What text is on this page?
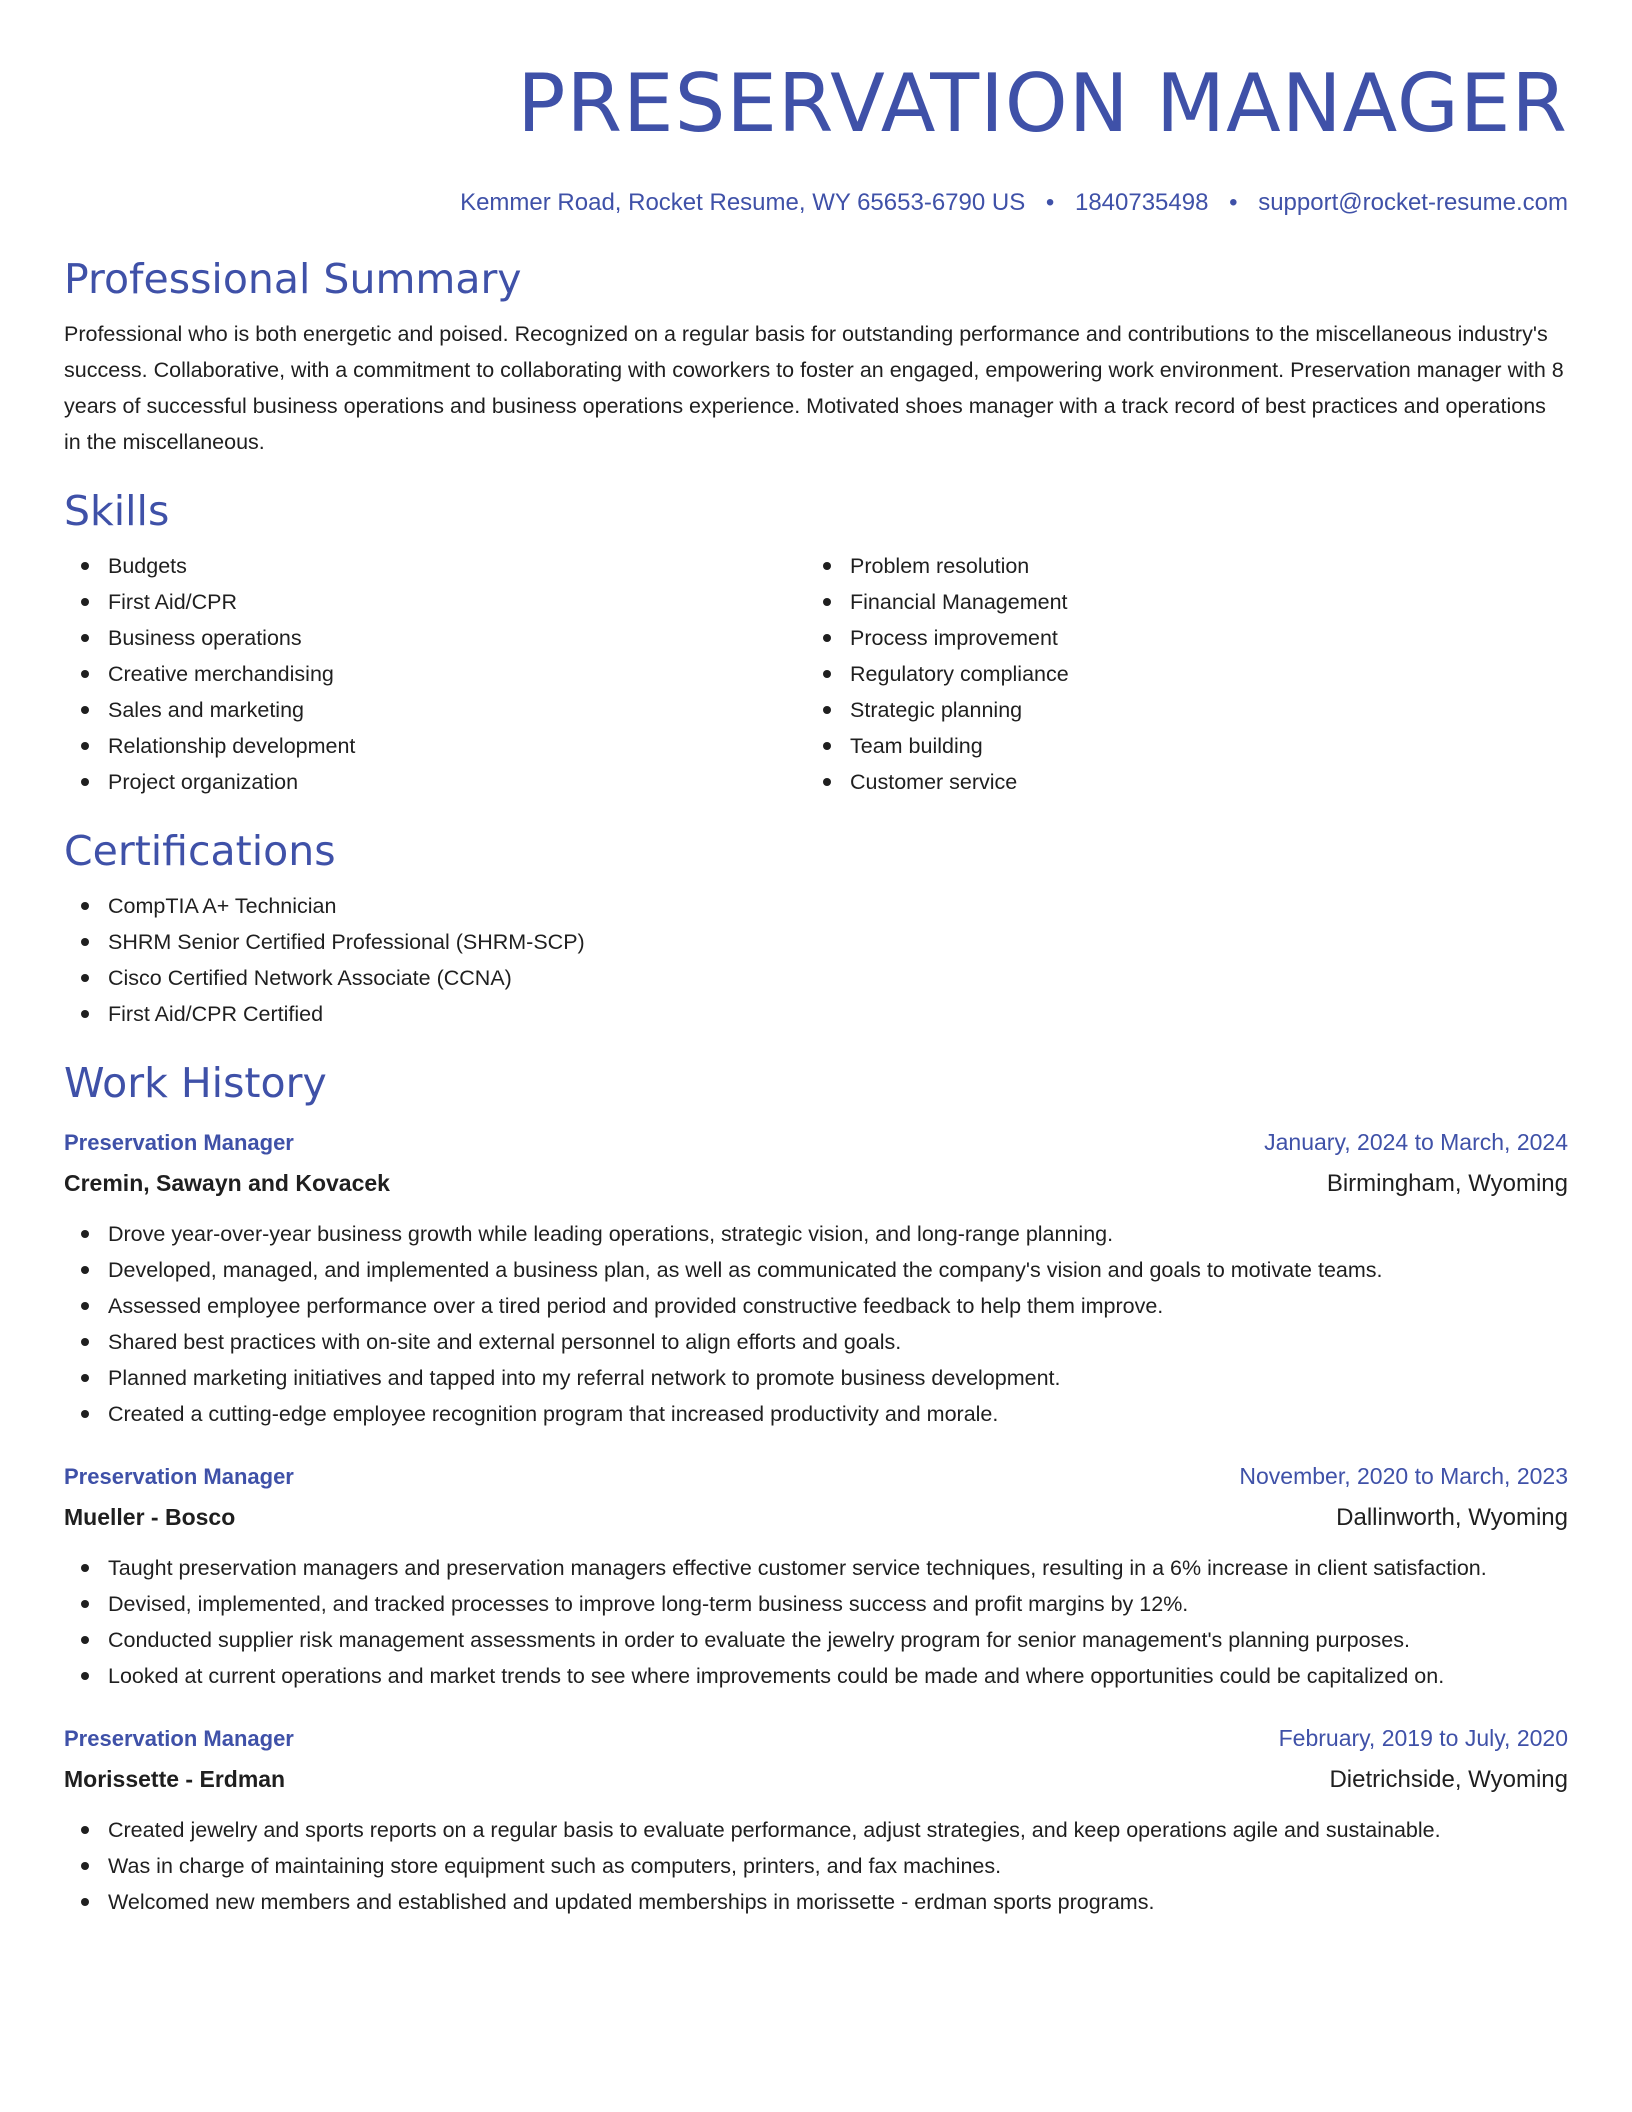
PRESERVATION MANAGER
Kemmer Road, Rocket Resume, WY 65653-6790 US • 1840735498 • support@rocket-resume.com
Professional Summary

Professional who is both energetic and poised. Recognized on a regular basis for outstanding performance and contributions to the miscellaneous industry's success. Collaborative, with a commitment to collaborating with coworkers to foster an engaged, empowering work environment. Preservation manager with 8 years of successful business operations and business operations experience. Motivated shoes manager with a track record of best practices and operations in the miscellaneous.

Skills
Budgets
First Aid/CPR
Business operations
Creative merchandising
Sales and marketing
Relationship development
Project organization
Problem resolution
Financial Management
Process improvement
Regulatory compliance
Strategic planning
Team building
Customer service
Certifications
CompTIA A+ Technician
SHRM Senior Certified Professional (SHRM-SCP)
Cisco Certified Network Associate (CCNA)
First Aid/CPR Certified
Work History
Preservation Manager	January, 2024 to March, 2024
Cremin, Sawayn and Kovacek	Birmingham, Wyoming
Drove year-over-year business growth while leading operations, strategic vision, and long-range planning.
Developed, managed, and implemented a business plan, as well as communicated the company's vision and goals to motivate teams.
Assessed employee performance over a tired period and provided constructive feedback to help them improve.
Shared best practices with on-site and external personnel to align efforts and goals.
Planned marketing initiatives and tapped into my referral network to promote business development.
Created a cutting-edge employee recognition program that increased productivity and morale.
Preservation Manager	November, 2020 to March, 2023
Mueller - Bosco	Dallinworth, Wyoming
Taught preservation managers and preservation managers effective customer service techniques, resulting in a 6% increase in client satisfaction.
Devised, implemented, and tracked processes to improve long-term business success and profit margins by 12%.
Conducted supplier risk management assessments in order to evaluate the jewelry program for senior management's planning purposes.
Looked at current operations and market trends to see where improvements could be made and where opportunities could be capitalized on.
Preservation Manager	February, 2019 to July, 2020
Morissette - Erdman	Dietrichside, Wyoming
Created jewelry and sports reports on a regular basis to evaluate performance, adjust strategies, and keep operations agile and sustainable.
Was in charge of maintaining store equipment such as computers, printers, and fax machines.
Welcomed new members and established and updated memberships in morissette - erdman sports programs.
